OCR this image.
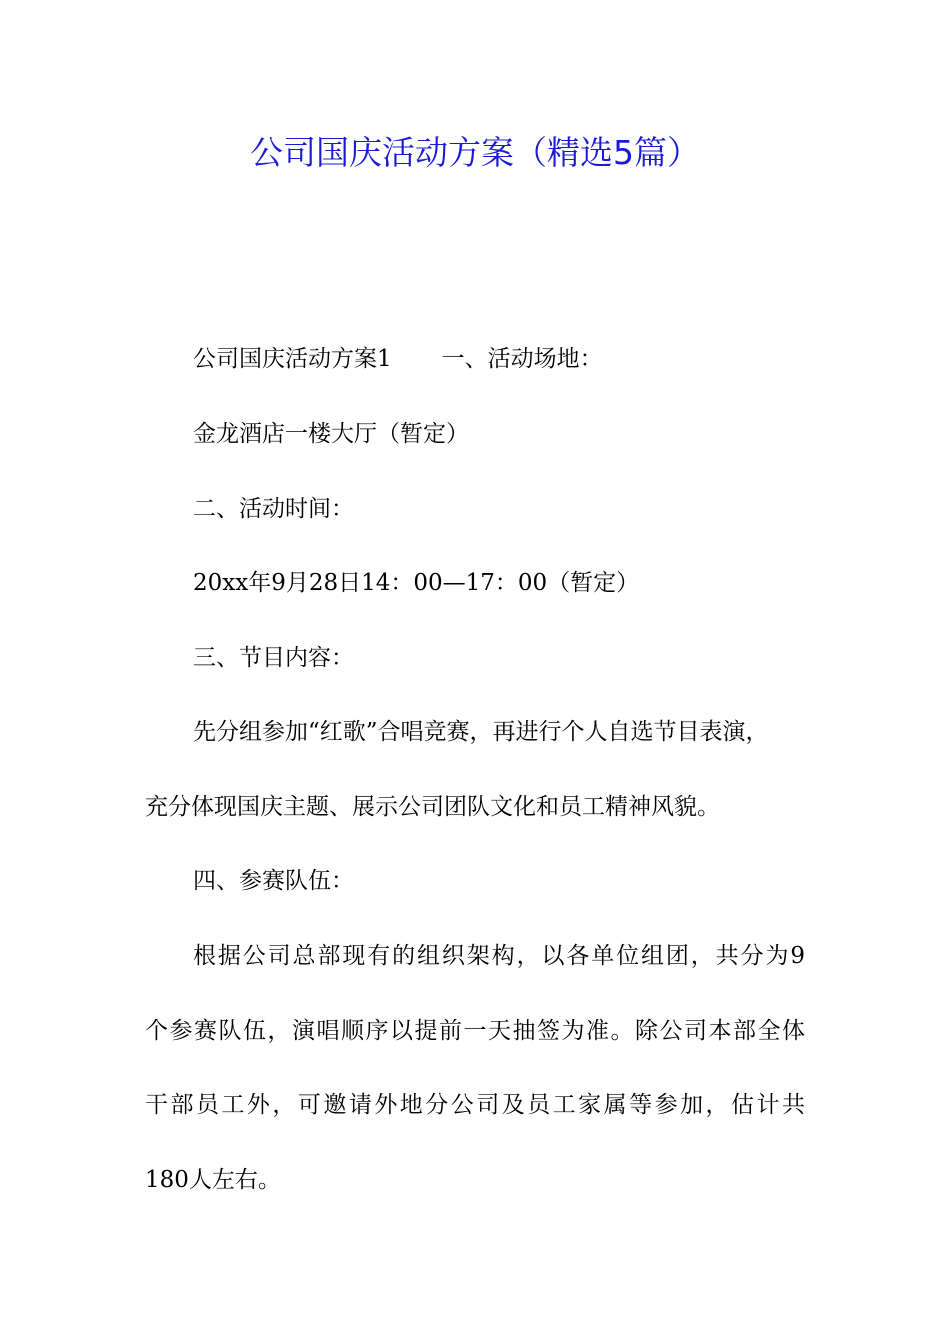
公司国庆活动方案（精选5篇）

公司国庆活动方案1 一、活动场地：

金龙酒店一楼大厅（暂定）

二、活动时间：

20xx年9月28日14：00—17：00（暂定）

三、节目内容：

先分组参加“红歌”合唱竞赛，再进行个人自选节目表演，

充分体现国庆主题、展示公司团队文化和员工精神风貌。

四、参赛队伍：

根据公司总部现有的组织架构，以各单位组团，共分为9

个参赛队伍，演唱顺序以提前一天抽签为准。除公司本部全体

干部员工外，可邀请外地分公司及员工家属等参加，估计共

180人左右。
